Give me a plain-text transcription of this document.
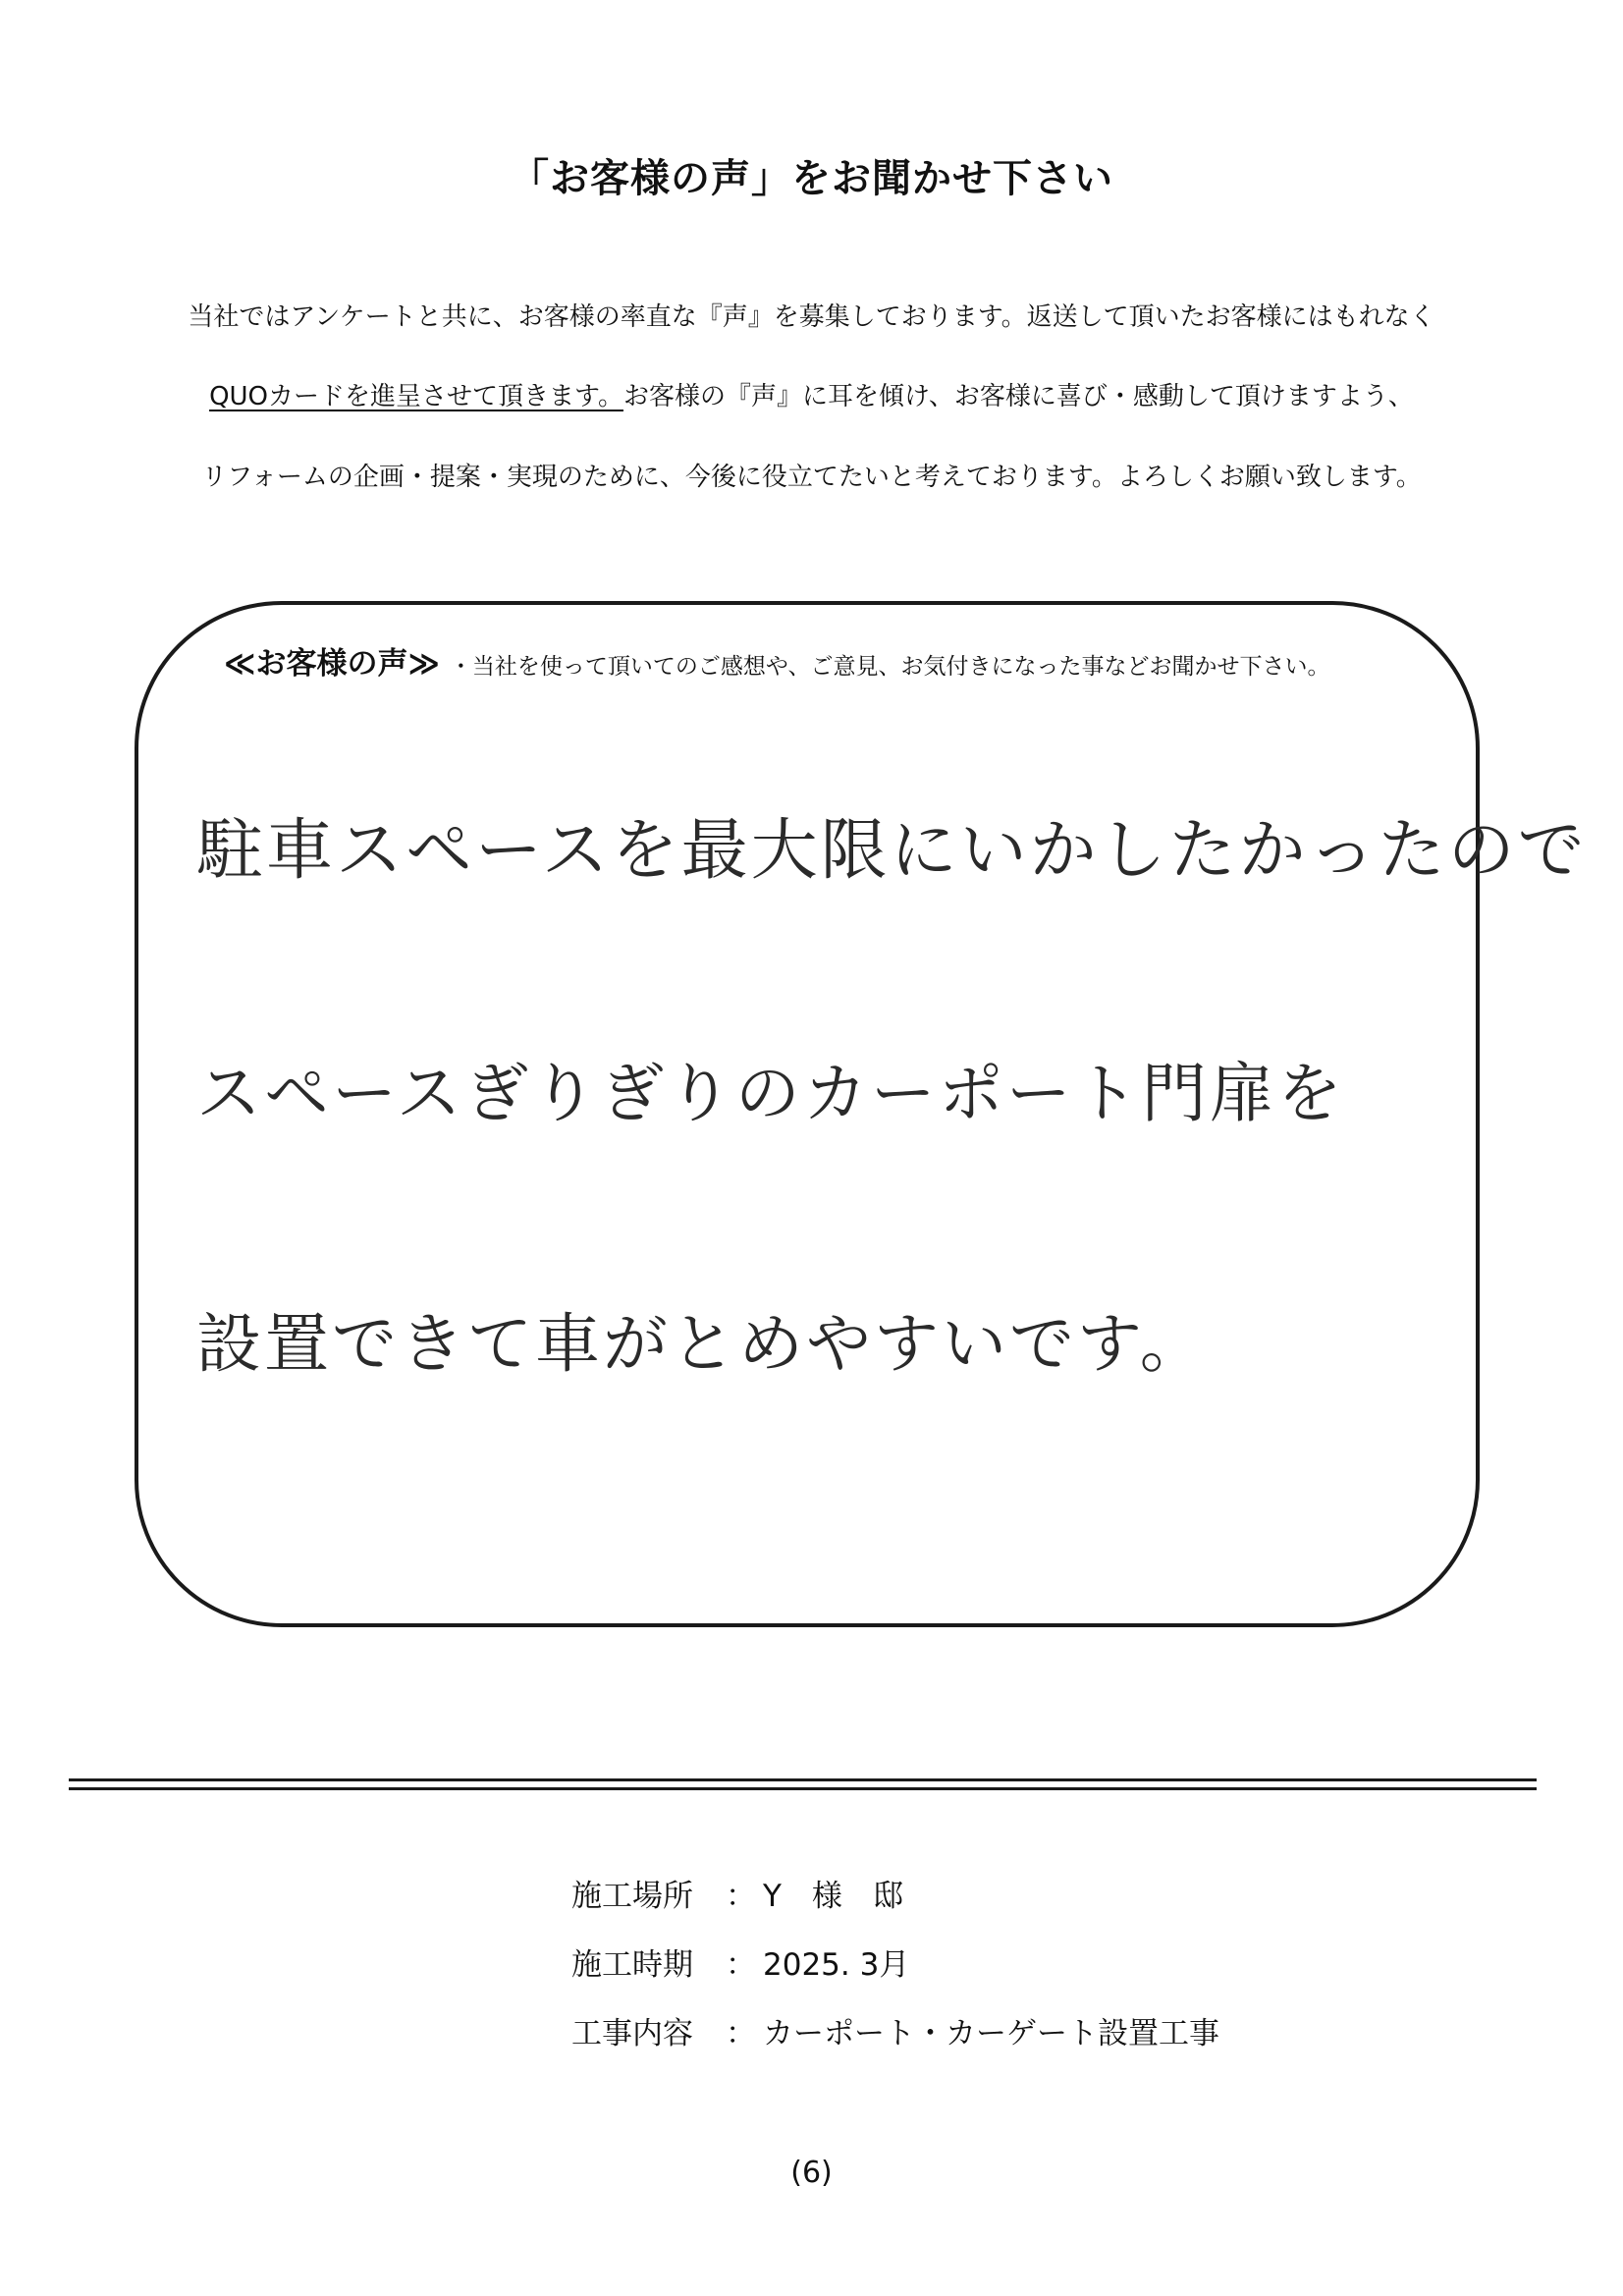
「お客様の声」をお聞かせ下さい
当社ではアンケートと共に、お客様の率直な『声』を募集しております。返送して頂いたお客様にはもれなく
QUOカードを進呈させて頂きます。お客様の『声』に耳を傾け、お客様に喜び・感動して頂けますよう、
リフォームの企画・提案・実現のために、今後に役立てたいと考えております。よろしくお願い致します。
≪お客様の声≫ ・当社を使って頂いてのご感想や、ご意見、お気付きになった事などお聞かせ下さい。
駐車スペースを最大限にいかしたかったので
スペースぎりぎりのカーポート門扉を
設置できて車がとめやすいです。
施工場所 ： Y　様　邸
施工時期 ： 2025. 3月
工事内容 ： カーポート・カーゲート設置工事
(6)
